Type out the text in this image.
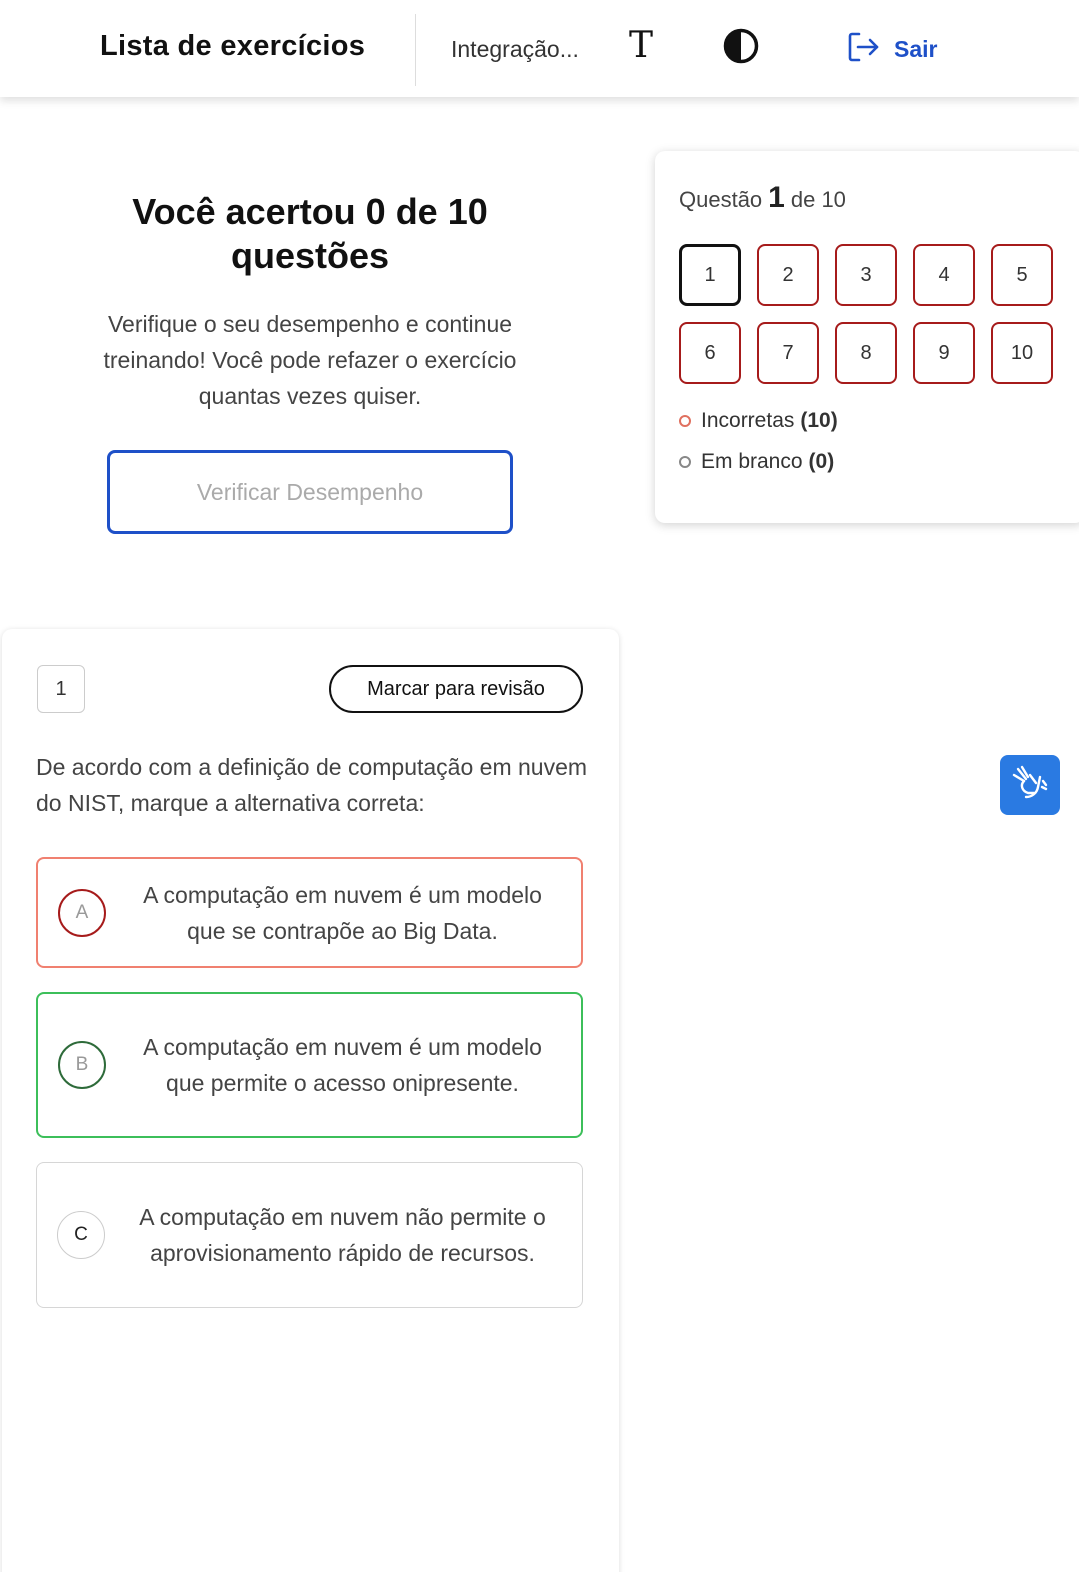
Lista de exercícios	Integração... T	Sair
Você acertou 0 de 10 questões
Verifique o seu desempenho e continue treinando! Você pode refazer o exercício quantas vezes quiser.
Verificar Desempenho
Questão 1 de 10
1	2	3	4	5
6	7	8	9	10
Incorretas (10)
Em branco (0)
1	Marcar para revisão
De acordo com a definição de computação em nuvem do NIST, marque a alternativa correta:
A
A computação em nuvem é um modelo que se contrapõe ao Big Data.
B
A computação em nuvem é um modelo que permite o acesso onipresente.
C
A computação em nuvem não permite o aprovisionamento rápido de recursos.
